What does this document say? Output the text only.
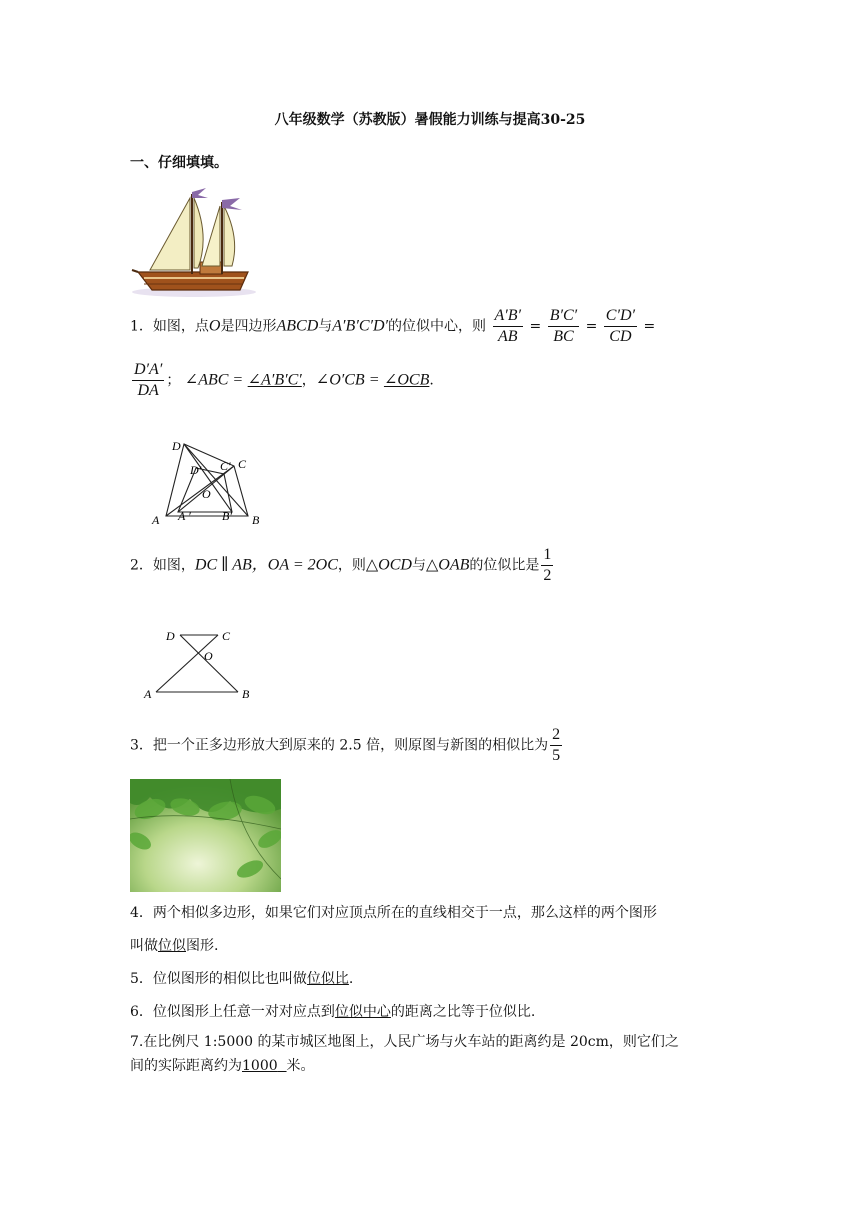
八年级数学（苏教版）暑假能力训练与提高30-25
一、仔细填填。
1．如图，点O是四边形ABCD与A′B′C′D′的位似中心，则 $\frac{A'B'}{AB} = \frac{B'C'}{BC} = \frac{C'D'}{CD}$ =
$\frac{D'A'}{DA}$ ； ∠ABC = ∠A′B′C′，∠O′CB = ∠OCB.
D
C
D′ C′
O
A A ′	B′ B
2．如图，DC ∥ AB，OA = 2OC，则△OCD与△OAB的位似比是 $\frac{1}{2}$
D	C
O
A	B
3．把一个正多边形放大到原来的 2.5 倍，则原图与新图的相似比为 $\frac{2}{5}$
4．两个相似多边形，如果它们对应顶点所在的直线相交于一点，那么这样的两个图形
叫做位似图形.
5．位似图形的相似比也叫做位似比.
6．位似图形上任意一对对应点到位似中心的距离之比等于位似比.
7.在比例尺 1:5000 的某市城区地图上，人民广场与火车站的距离约是 20cm，则它们之
间的实际距离约为1000 米。
